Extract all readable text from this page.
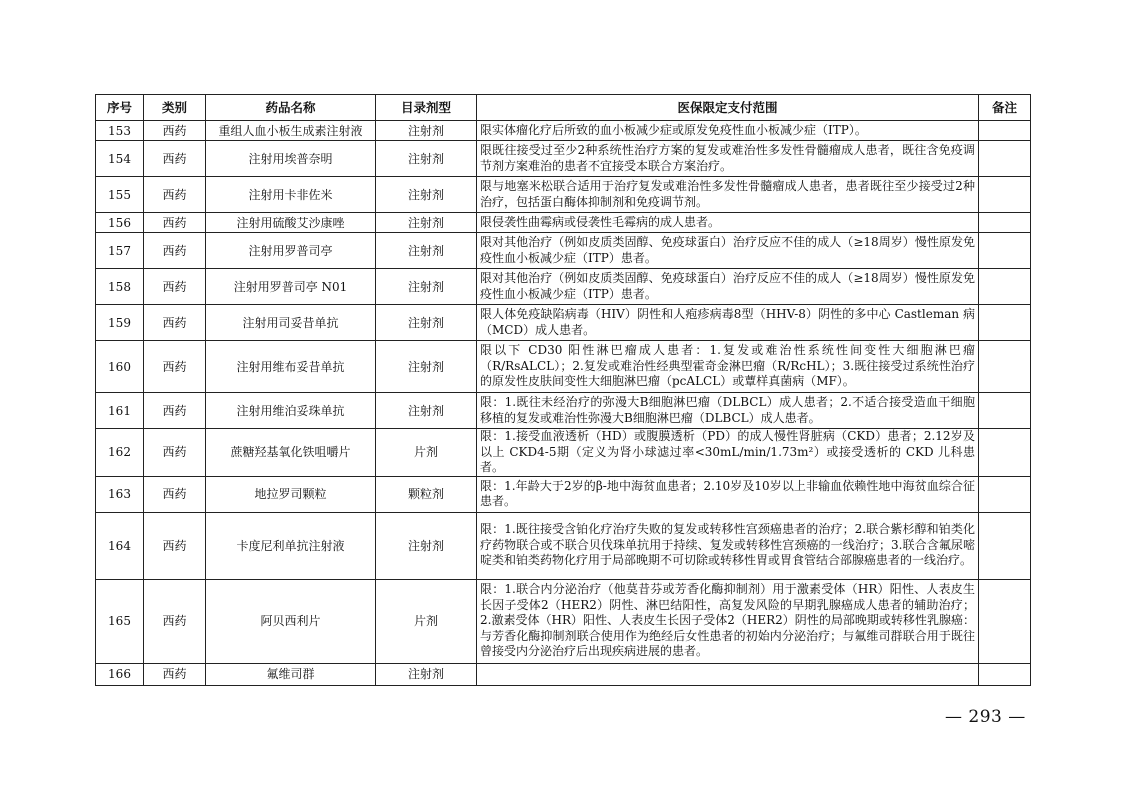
序号	类别	药品名称	目录剂型	医保限定支付范围	备注
153	西药	重组人血小板生成素注射液	注射剂	限实体瘤化疗后所致的血小板减少症或原发免疫性血小板减少症（ITP）。	
154	西药	注射用埃普奈明	注射剂	限既往接受过至少2种系统性治疗方案的复发或难治性多发性骨髓瘤成人患者，既往含免疫调节剂方案难治的患者不宜接受本联合方案治疗。	
155	西药	注射用卡非佐米	注射剂	限与地塞米松联合适用于治疗复发或难治性多发性骨髓瘤成人患者，患者既往至少接受过2种治疗，包括蛋白酶体抑制剂和免疫调节剂。	
156	西药	注射用硫酸艾沙康唑	注射剂	限侵袭性曲霉病或侵袭性毛霉病的成人患者。	
157	西药	注射用罗普司亭	注射剂	限对其他治疗（例如皮质类固醇、免疫球蛋白）治疗反应不佳的成人（≥18周岁）慢性原发免疫性血小板减少症（ITP）患者。	
158	西药	注射用罗普司亭 N01	注射剂	限对其他治疗（例如皮质类固醇、免疫球蛋白）治疗反应不佳的成人（≥18周岁）慢性原发免疫性血小板减少症（ITP）患者。	
159	西药	注射用司妥昔单抗	注射剂	限人体免疫缺陷病毒（HIV）阴性和人疱疹病毒8型（HHV-8）阴性的多中心 Castleman 病（MCD）成人患者。	
160	西药	注射用维布妥昔单抗	注射剂	限以下 CD30 阳性淋巴瘤成人患者：1.复发或难治性系统性间变性大细胞淋巴瘤（R/RsALCL）；2.复发或难治性经典型霍奇金淋巴瘤（R/RcHL）；3.既往接受过系统性治疗的原发性皮肤间变性大细胞淋巴瘤（pcALCL）或蕈样真菌病（MF）。	
161	西药	注射用维泊妥珠单抗	注射剂	限：1.既往未经治疗的弥漫大B细胞淋巴瘤（DLBCL）成人患者；2.不适合接受造血干细胞移植的复发或难治性弥漫大B细胞淋巴瘤（DLBCL）成人患者。	
162	西药	蔗糖羟基氧化铁咀嚼片	片剂	限：1.接受血液透析（HD）或腹膜透析（PD）的成人慢性肾脏病（CKD）患者；2.12岁及以上 CKD4-5期（定义为肾小球滤过率<30mL/min/1.73m²）或接受透析的 CKD 儿科患者。	
163	西药	地拉罗司颗粒	颗粒剂	限：1.年龄大于2岁的β-地中海贫血患者；2.10岁及10岁以上非输血依赖性地中海贫血综合征患者。	
164	西药	卡度尼利单抗注射液	注射剂	限：1.既往接受含铂化疗治疗失败的复发或转移性宫颈癌患者的治疗；2.联合紫杉醇和铂类化疗药物联合或不联合贝伐珠单抗用于持续、复发或转移性宫颈癌的一线治疗；3.联合含氟尿嘧啶类和铂类药物化疗用于局部晚期不可切除或转移性胃或胃食管结合部腺癌患者的一线治疗。	
165	西药	阿贝西利片	片剂	限：1.联合内分泌治疗（他莫昔芬或芳香化酶抑制剂）用于激素受体（HR）阳性、人表皮生长因子受体2（HER2）阴性、淋巴结阳性，高复发风险的早期乳腺癌成人患者的辅助治疗；2.激素受体（HR）阳性、人表皮生长因子受体2（HER2）阴性的局部晚期或转移性乳腺癌：与芳香化酶抑制剂联合使用作为绝经后女性患者的初始内分泌治疗；与氟维司群联合用于既往曾接受内分泌治疗后出现疾病进展的患者。	
166	西药	氟维司群	注射剂		
— 293 —
